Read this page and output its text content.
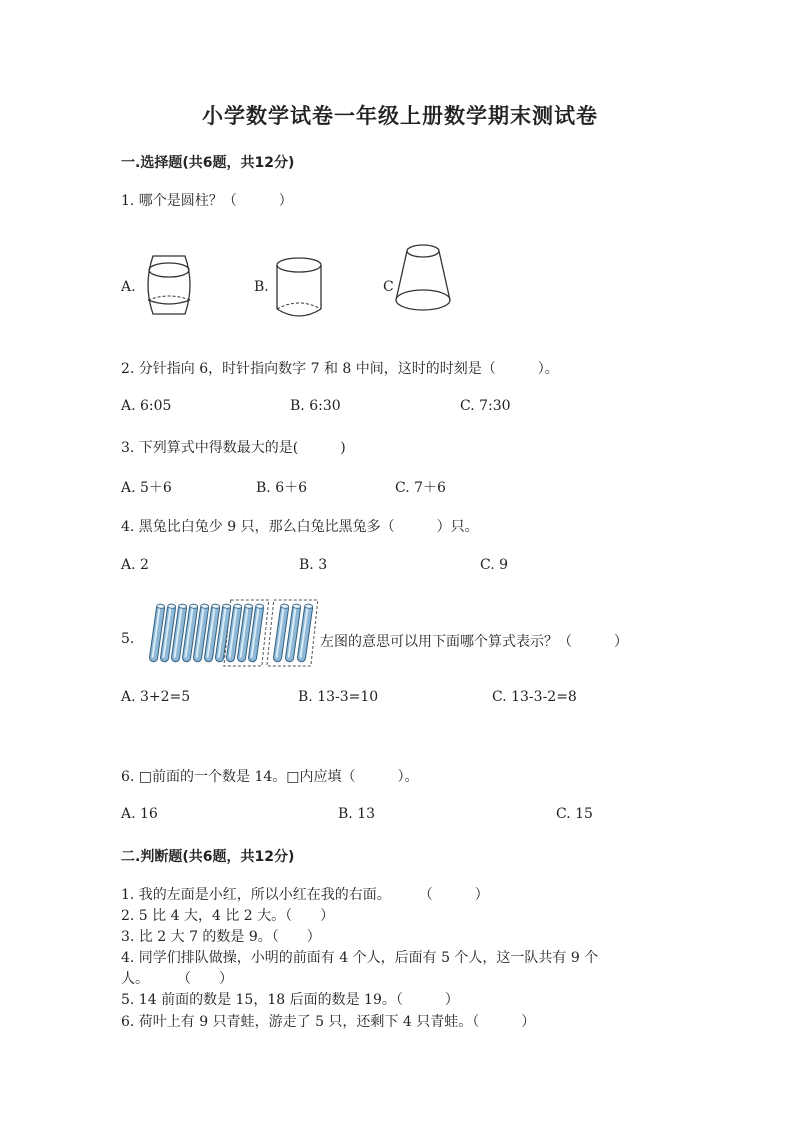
小学数学试卷一年级上册数学期末测试卷
一.选择题(共6题，共12分)
1. 哪个是圆柱？（　　　）
A.	B.	C
2. 分针指向 6，时针指向数字 7 和 8 中间，这时的时刻是（　　　）。
A. 6:05	B. 6:30	C. 7:30
3. 下列算式中得数最大的是(　　　)
A. 5＋6	B. 6＋6	C. 7＋6
4. 黑兔比白兔少 9 只，那么白兔比黑兔多（　　　）只。
A. 2	B. 3	C. 9
5.	左图的意思可以用下面哪个算式表示？（　　　）
A. 3+2=5	B. 13-3=10	C. 13-3-2=8
6. □前面的一个数是 14。□内应填（　　　）。
A. 16	B. 13	C. 15
二.判断题(共6题，共12分)
1. 我的左面是小红，所以小红在我的右面。　　　（　　　）
2. 5 比 4 大，4 比 2 大。（　　）
3. 比 2 大 7 的数是 9。（　　）
4. 同学们排队做操，小明的前面有 4 个人，后面有 5 个人，这一队共有 9 个
人。　　　（　　）
5. 14 前面的数是 15，18 后面的数是 19。（　　　）
6. 荷叶上有 9 只青蛙，游走了 5 只，还剩下 4 只青蛙。（　　　）
